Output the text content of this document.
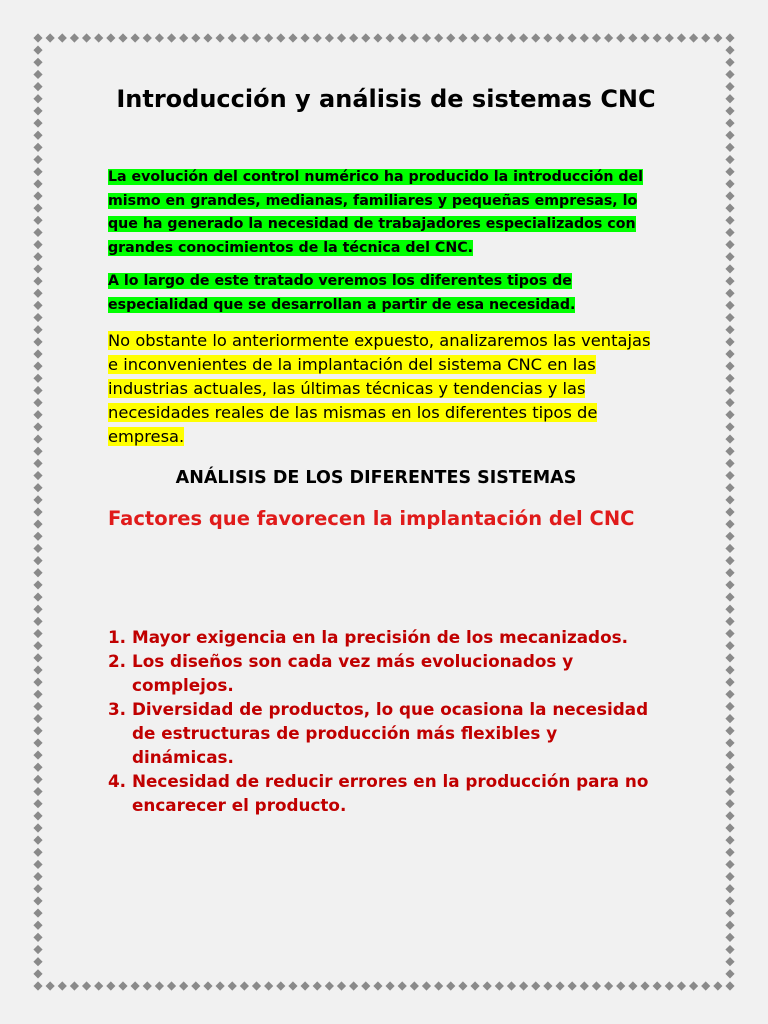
Introducción y análisis de sistemas CNC

La evolución del control numérico ha producido la introducción del mismo en grandes, medianas, familiares y pequeñas empresas, lo que ha generado la necesidad de trabajadores especializados con grandes conocimientos de la técnica del CNC.

A lo largo de este tratado veremos los diferentes tipos de especialidad que se desarrollan a partir de esa necesidad.

No obstante lo anteriormente expuesto, analizaremos las ventajas e inconvenientes de la implantación del sistema CNC en las industrias actuales, las últimas técnicas y tendencias y las necesidades reales de las mismas en los diferentes tipos de empresa.

ANÁLISIS DE LOS DIFERENTES SISTEMAS
Factores que favorecen la implantación del CNC
1. Mayor exigencia en la precisión de los mecanizados.
2. Los diseños son cada vez más evolucionados y complejos.
3. Diversidad de productos, lo que ocasiona la necesidad de estructuras de producción más flexibles y dinámicas.
4. Necesidad de reducir errores en la producción para no encarecer el producto.
